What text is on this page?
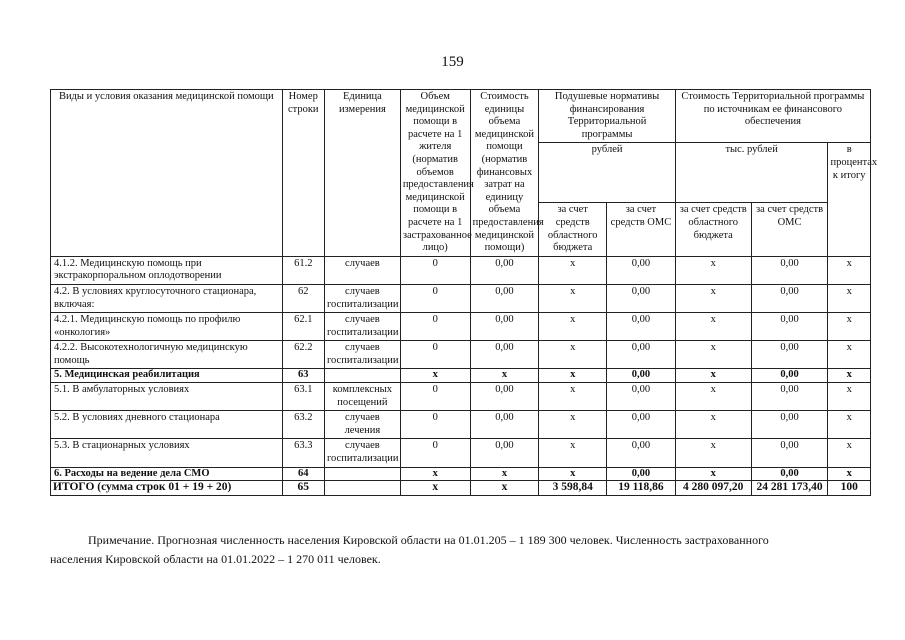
159
Виды и условия оказания медицинской помощи	Номер строки	Единица измерения	Объем медицинской помощи в расчете на 1 жителя (норматив объемов предоставления медицинской помощи в расчете на 1 застрахованное лицо)	Стоимость единицы объема медицинской помощи (норматив финансовых затрат на единицу объема предоставления медицинской помощи)	Подушевые нормативы финансирования Территориальной программы		Стоимость Территориальной программы по источникам ее финансового обеспечения		
					рублей		тыс. рублей		в процентах к итогу
					за счет средств областного бюджета	за счет средств ОМС	за счет средств областного бюджета	за счет средств ОМС	
4.1.2. Медицинскую помощь при экстракорпоральном оплодотворении	61.2	случаев	0	0,00	x	0,00	x	0,00	x
4.2. В условиях круглосуточного стационара, включая:	62	случаев госпитализации	0	0,00	x	0,00	x	0,00	x
4.2.1. Медицинскую помощь по профилю «онкология»	62.1	случаев госпитализации	0	0,00	x	0,00	x	0,00	x
4.2.2. Высокотехнологичную медицинскую помощь	62.2	случаев госпитализации	0	0,00	x	0,00	x	0,00	x
5. Медицинская реабилитация	63		x	x	x	0,00	x	0,00	x
5.1. В амбулаторных условиях	63.1	комплексных посещений	0	0,00	x	0,00	x	0,00	x
5.2. В условиях дневного стационара	63.2	случаев лечения	0	0,00	x	0,00	x	0,00	x
5.3. В стационарных условиях	63.3	случаев госпитализации	0	0,00	x	0,00	x	0,00	x
6. Расходы на ведение дела СМО	64		x	x	x	0,00	x	0,00	x
ИТОГО (сумма строк 01 + 19 + 20)	65		x	x	3 598,84	19 118,86	4 280 097,20	24 281 173,40	100
Примечание. Прогнозная численность населения Кировской области на 01.01.205 – 1 189 300 человек. Численность застрахованного
населения Кировской области на 01.01.2022 – 1 270 011 человек.
